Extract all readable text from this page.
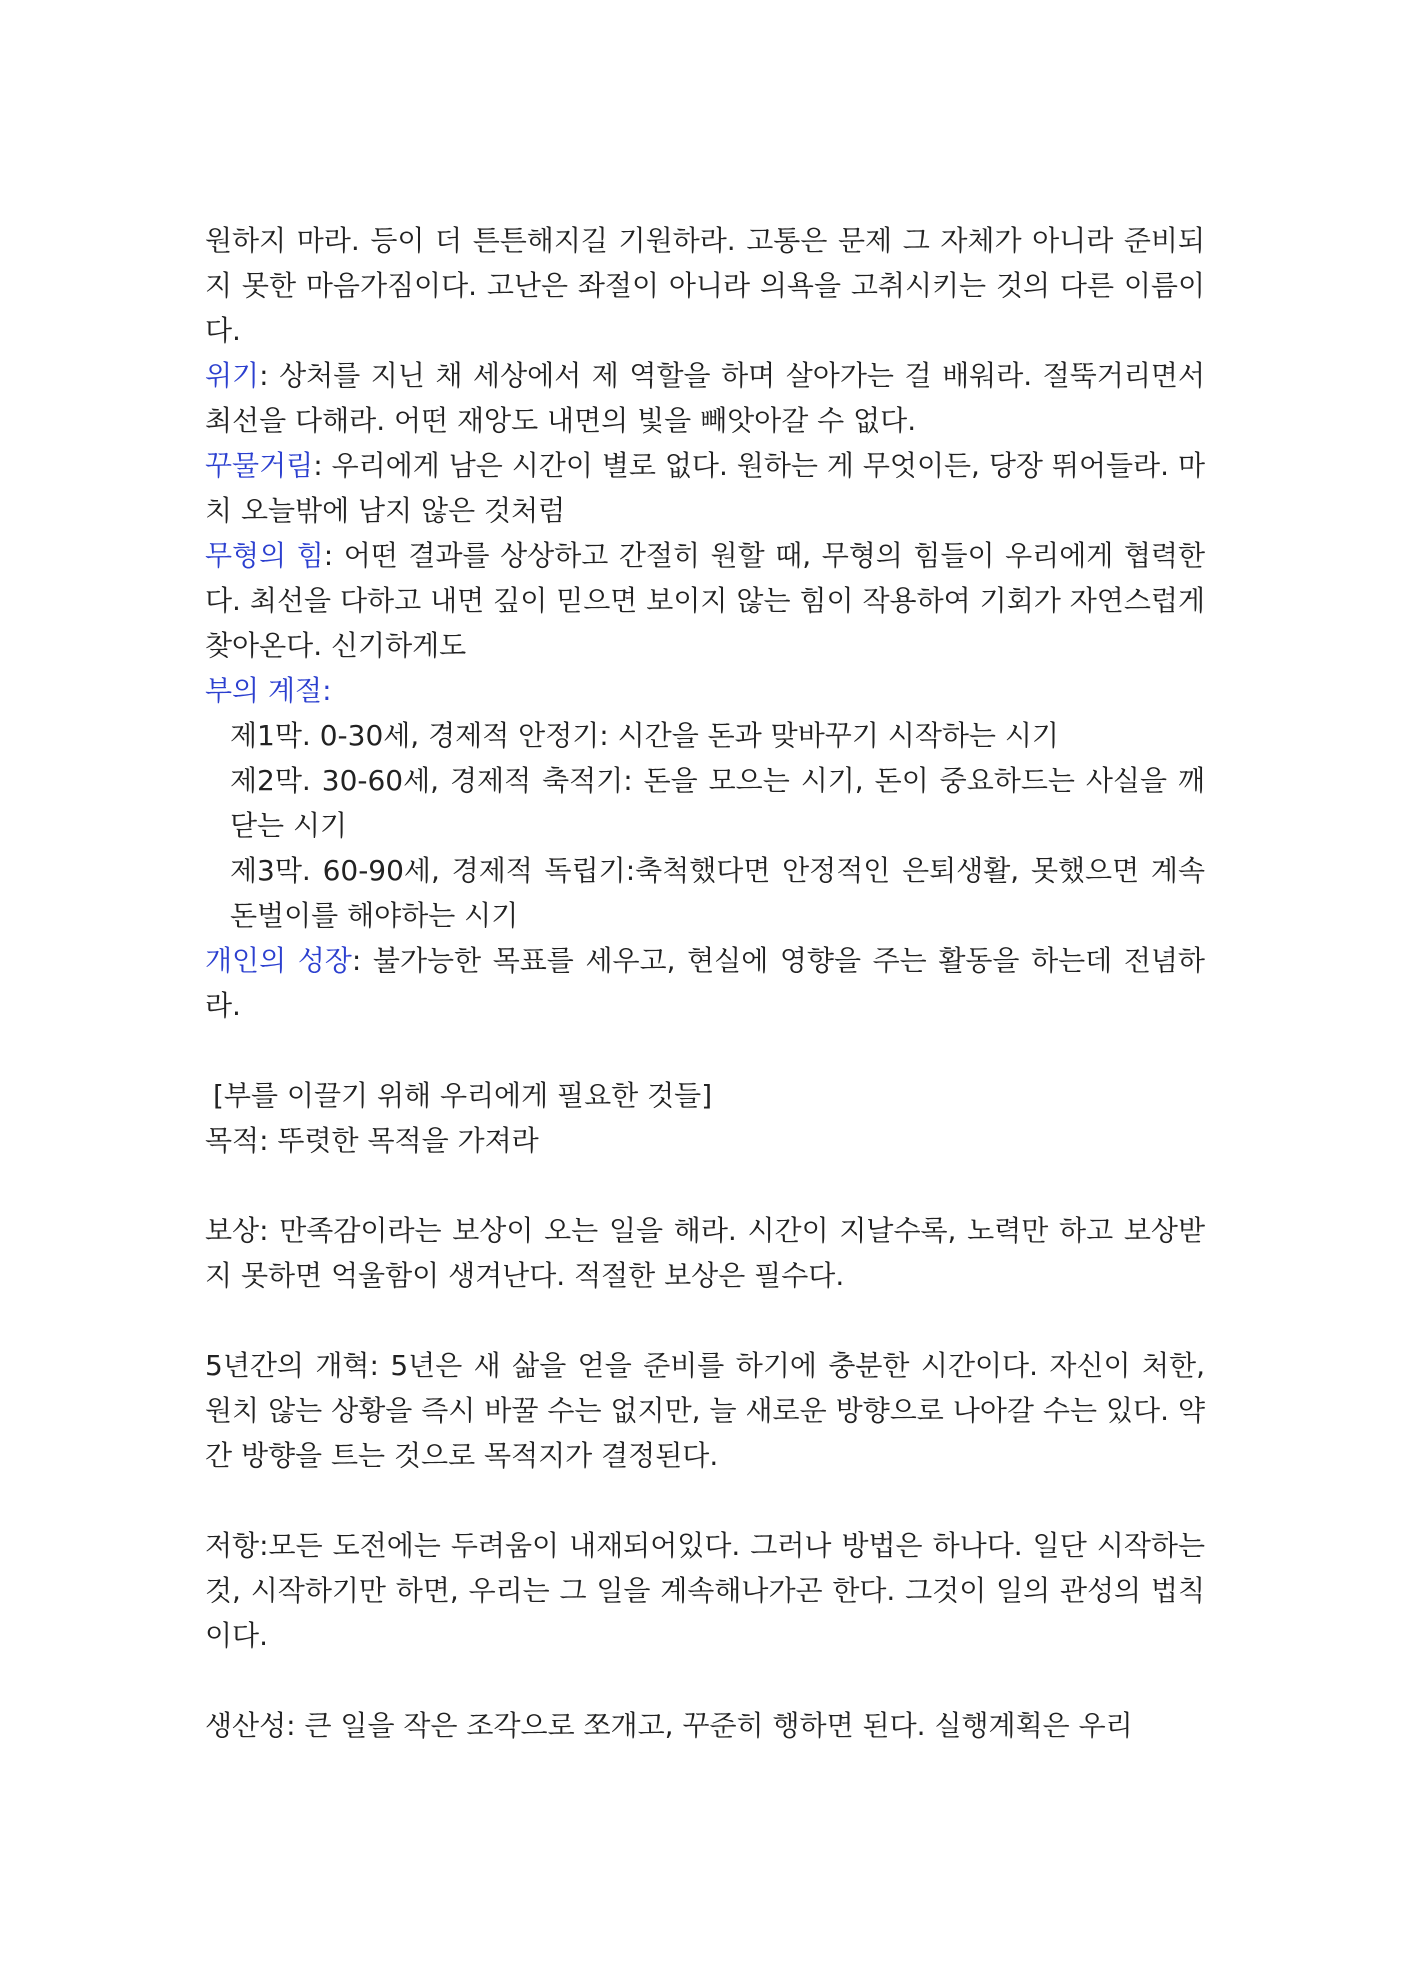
원하지 마라. 등이 더 튼튼해지길 기원하라. 고통은 문제 그 자체가 아니라 준비되지 못한 마음가짐이다. 고난은 좌절이 아니라 의욕을 고취시키는 것의 다른 이름이다.

위기: 상처를 지닌 채 세상에서 제 역할을 하며 살아가는 걸 배워라. 절뚝거리면서 최선을 다해라. 어떤 재앙도 내면의 빛을 빼앗아갈 수 없다.

꾸물거림: 우리에게 남은 시간이 별로 없다. 원하는 게 무엇이든, 당장 뛰어들라. 마치 오늘밖에 남지 않은 것처럼

무형의 힘: 어떤 결과를 상상하고 간절히 원할 때, 무형의 힘들이 우리에게 협력한다. 최선을 다하고 내면 깊이 믿으면 보이지 않는 힘이 작용하여 기회가 자연스럽게 찾아온다. 신기하게도

부의 계절:

제1막. 0-30세, 경제적 안정기: 시간을 돈과 맞바꾸기 시작하는 시기

제2막. 30-60세, 경제적 축적기: 돈을 모으는 시기, 돈이 중요하드는 사실을 깨닫는 시기

제3막. 60-90세, 경제적 독립기:축척했다면 안정적인 은퇴생활, 못했으면 계속 돈벌이를 해야하는 시기

개인의 성장: 불가능한 목표를 세우고, 현실에 영향을 주는 활동을 하는데 전념하라.

[부를 이끌기 위해 우리에게 필요한 것들]

목적: 뚜렷한 목적을 가져라

보상: 만족감이라는 보상이 오는 일을 해라. 시간이 지날수록, 노력만 하고 보상받지 못하면 억울함이 생겨난다. 적절한 보상은 필수다.

5년간의 개혁: 5년은 새 삶을 얻을 준비를 하기에 충분한 시간이다. 자신이 처한, 원치 않는 상황을 즉시 바꿀 수는 없지만, 늘 새로운 방향으로 나아갈 수는 있다. 약간 방향을 트는 것으로 목적지가 결정된다.

저항:모든 도전에는 두려움이 내재되어있다. 그러나 방법은 하나다. 일단 시작하는 것, 시작하기만 하면, 우리는 그 일을 계속해나가곤 한다. 그것이 일의 관성의 법칙이다.

생산성: 큰 일을 작은 조각으로 쪼개고, 꾸준히 행하면 된다. 실행계획은 우리
